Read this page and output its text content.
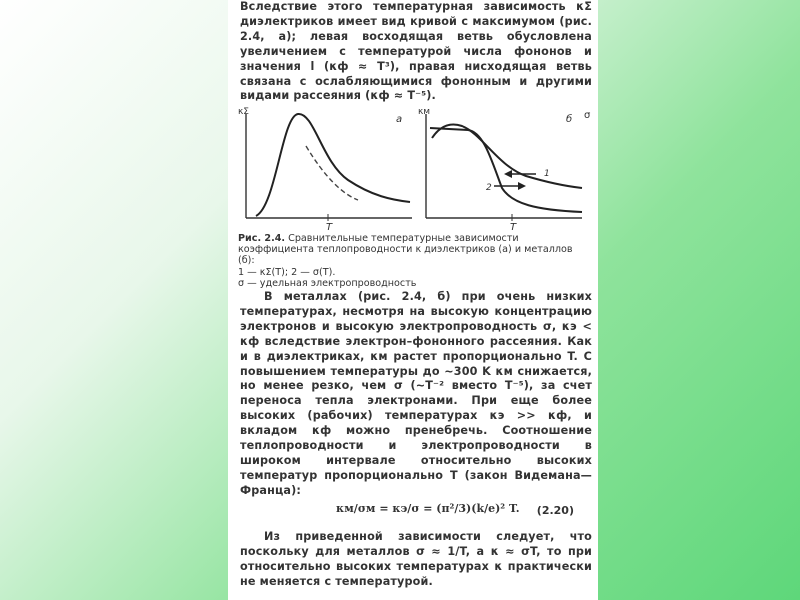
Вследствие этого температурная зависимость κΣ диэлектриков имеет вид кривой с максимумом (рис. 2.4, а); левая восходящая ветвь обусловлена увеличением с температурой числа фононов и значения l (κф ≈ T³), правая нисходящая ветвь связана с ослабляющимися фононным и другими видами рассеяния (κф ≈ T⁻⁵).
κΣ
а
T
κм	σ
б
T
1
2
Рис. 2.4. Сравнительные температурные зависимости коэффициента теплопроводности κ диэлектриков (а) и металлов (б):
1 — κΣ(T); 2 — σ(T).
σ — удельная электропроводность
В металлах (рис. 2.4, б) при очень низких температурах, несмотря на высокую концентрацию электронов и высокую электропроводность σ, κэ < κф вследствие электрон–фононного рассеяния. Как и в диэлектриках, κм растет пропорционально T. С повышением температуры до ~300 K κм снижается, но менее резко, чем σ (~T⁻² вместо T⁻⁵), за счет переноса тепла электронами. При еще более высоких (рабочих) температурах κэ >> κф, и вкладом κф можно пренебречь. Соотношение теплопроводности и электропроводности в широком интервале относительно высоких температур пропорционально T (закон Видемана—Франца):
κм/σм = κэ/σ = (π²/3)(k/e)² T. (2.20)
Из приведенной зависимости следует, что поскольку для металлов σ ≈ 1/T, а κ ≈ σT, то при относительно высоких температурах κ практически не меняется с температурой.
